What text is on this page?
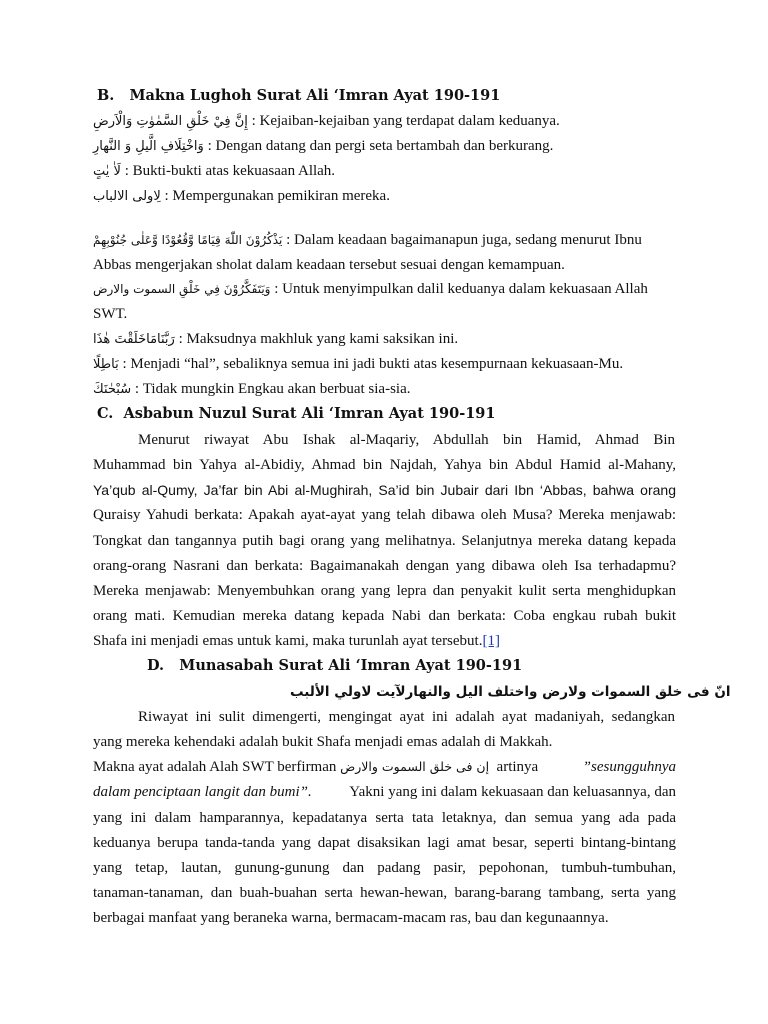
B. Makna Lughoh Surat Ali ‘Imran Ayat 190-191
إِنَّ فِيْ خَلْقِ السَّمٰوٰتِ وَالْاَرضِ : Kejaiban-kejaiban yang terdapat dalam keduanya.
وَاخْتِلَافِ الَّيلِ وَ النَّهارِ : Dengan datang dan pergi seta bertambah dan berkurang.
لَاٰ يٰتٍ : Bukti-bukti atas kekuasaan Allah.
لِاولى الالباب : Mempergunakan pemikiran mereka.
يَذْكُرُوْنَ اللّٰهَ قِيَامًا وَّقُعُوْدًا وَّعَلٰى جُنُوْبِهِمْ : Dalam keadaan bagaimanapun juga, sedang menurut Ibnu
Abbas mengerjakan sholat dalam keadaan tersebut sesuai dengan kemampuan.
وَيَتَفَكَّرُوْنَ فِي خَلْقِ السموت والارض : Untuk menyimpulkan dalil keduanya dalam kekuasaan Allah
SWT.
رَبَّنَامَاخَلَقْتَ هٰذَا : Maksudnya makhluk yang kami saksikan ini.
بَاطِلًا : Menjadi “hal”, sebaliknya semua ini jadi bukti atas kesempurnaan kekuasaan-Mu.
سُبْحٰنَكَ : Tidak mungkin Engkau akan berbuat sia-sia.
C. Asbabun Nuzul Surat Ali ‘Imran Ayat 190-191
Menurut riwayat Abu Ishak al-Maqariy, Abdullah bin Hamid, Ahmad Bin
Muhammad bin Yahya al-Abidiy, Ahmad bin Najdah, Yahya bin Abdul Hamid al-Mahany,
Ya’qub al-Qumy, Ja’far bin Abi al-Mughirah, Sa’id bin Jubair dari Ibn ‘Abbas, bahwa orang
Quraisy Yahudi berkata: Apakah ayat-ayat yang telah dibawa oleh Musa? Mereka menjawab:
Tongkat dan tangannya putih bagi orang yang melihatnya. Selanjutnya mereka datang kepada
orang-orang Nasrani dan berkata: Bagaimanakah dengan yang dibawa oleh Isa terhadapmu?
Mereka menjawab: Menyembuhkan orang yang lepra dan penyakit kulit serta menghidupkan
orang mati. Kemudian mereka datang kepada Nabi dan berkata: Coba engkau rubah bukit
Shafa ini menjadi emas untuk kami, maka turunlah ayat tersebut.[1]
D. Munasabah Surat Ali ‘Imran Ayat 190-191
انّ فى خلق السموات ولارض واختلف اليل والنهارلآيت لاولي الألبب
Riwayat ini sulit dimengerti, mengingat ayat ini adalah ayat madaniyah, sedangkan
yang mereka kehendaki adalah bukit Shafa menjadi emas adalah di Makkah.
Makna ayat adalah Alah SWT berfirman إن فى خلق السموت والارض artinya	”sesungguhnya
dalam penciptaan langit dan bumi”.	Yakni yang ini dalam kekuasaan dan keluasannya, dan
yang ini dalam hamparannya, kepadatanya serta tata letaknya, dan semua yang ada pada
keduanya berupa tanda-tanda yang dapat disaksikan lagi amat besar, seperti bintang-bintang
yang tetap, lautan, gunung-gunung dan padang pasir, pepohonan, tumbuh-tumbuhan,
tanaman-tanaman, dan buah-buahan serta hewan-hewan, barang-barang tambang, serta yang
berbagai manfaat yang beraneka warna, bermacam-macam ras, bau dan kegunaannya.
